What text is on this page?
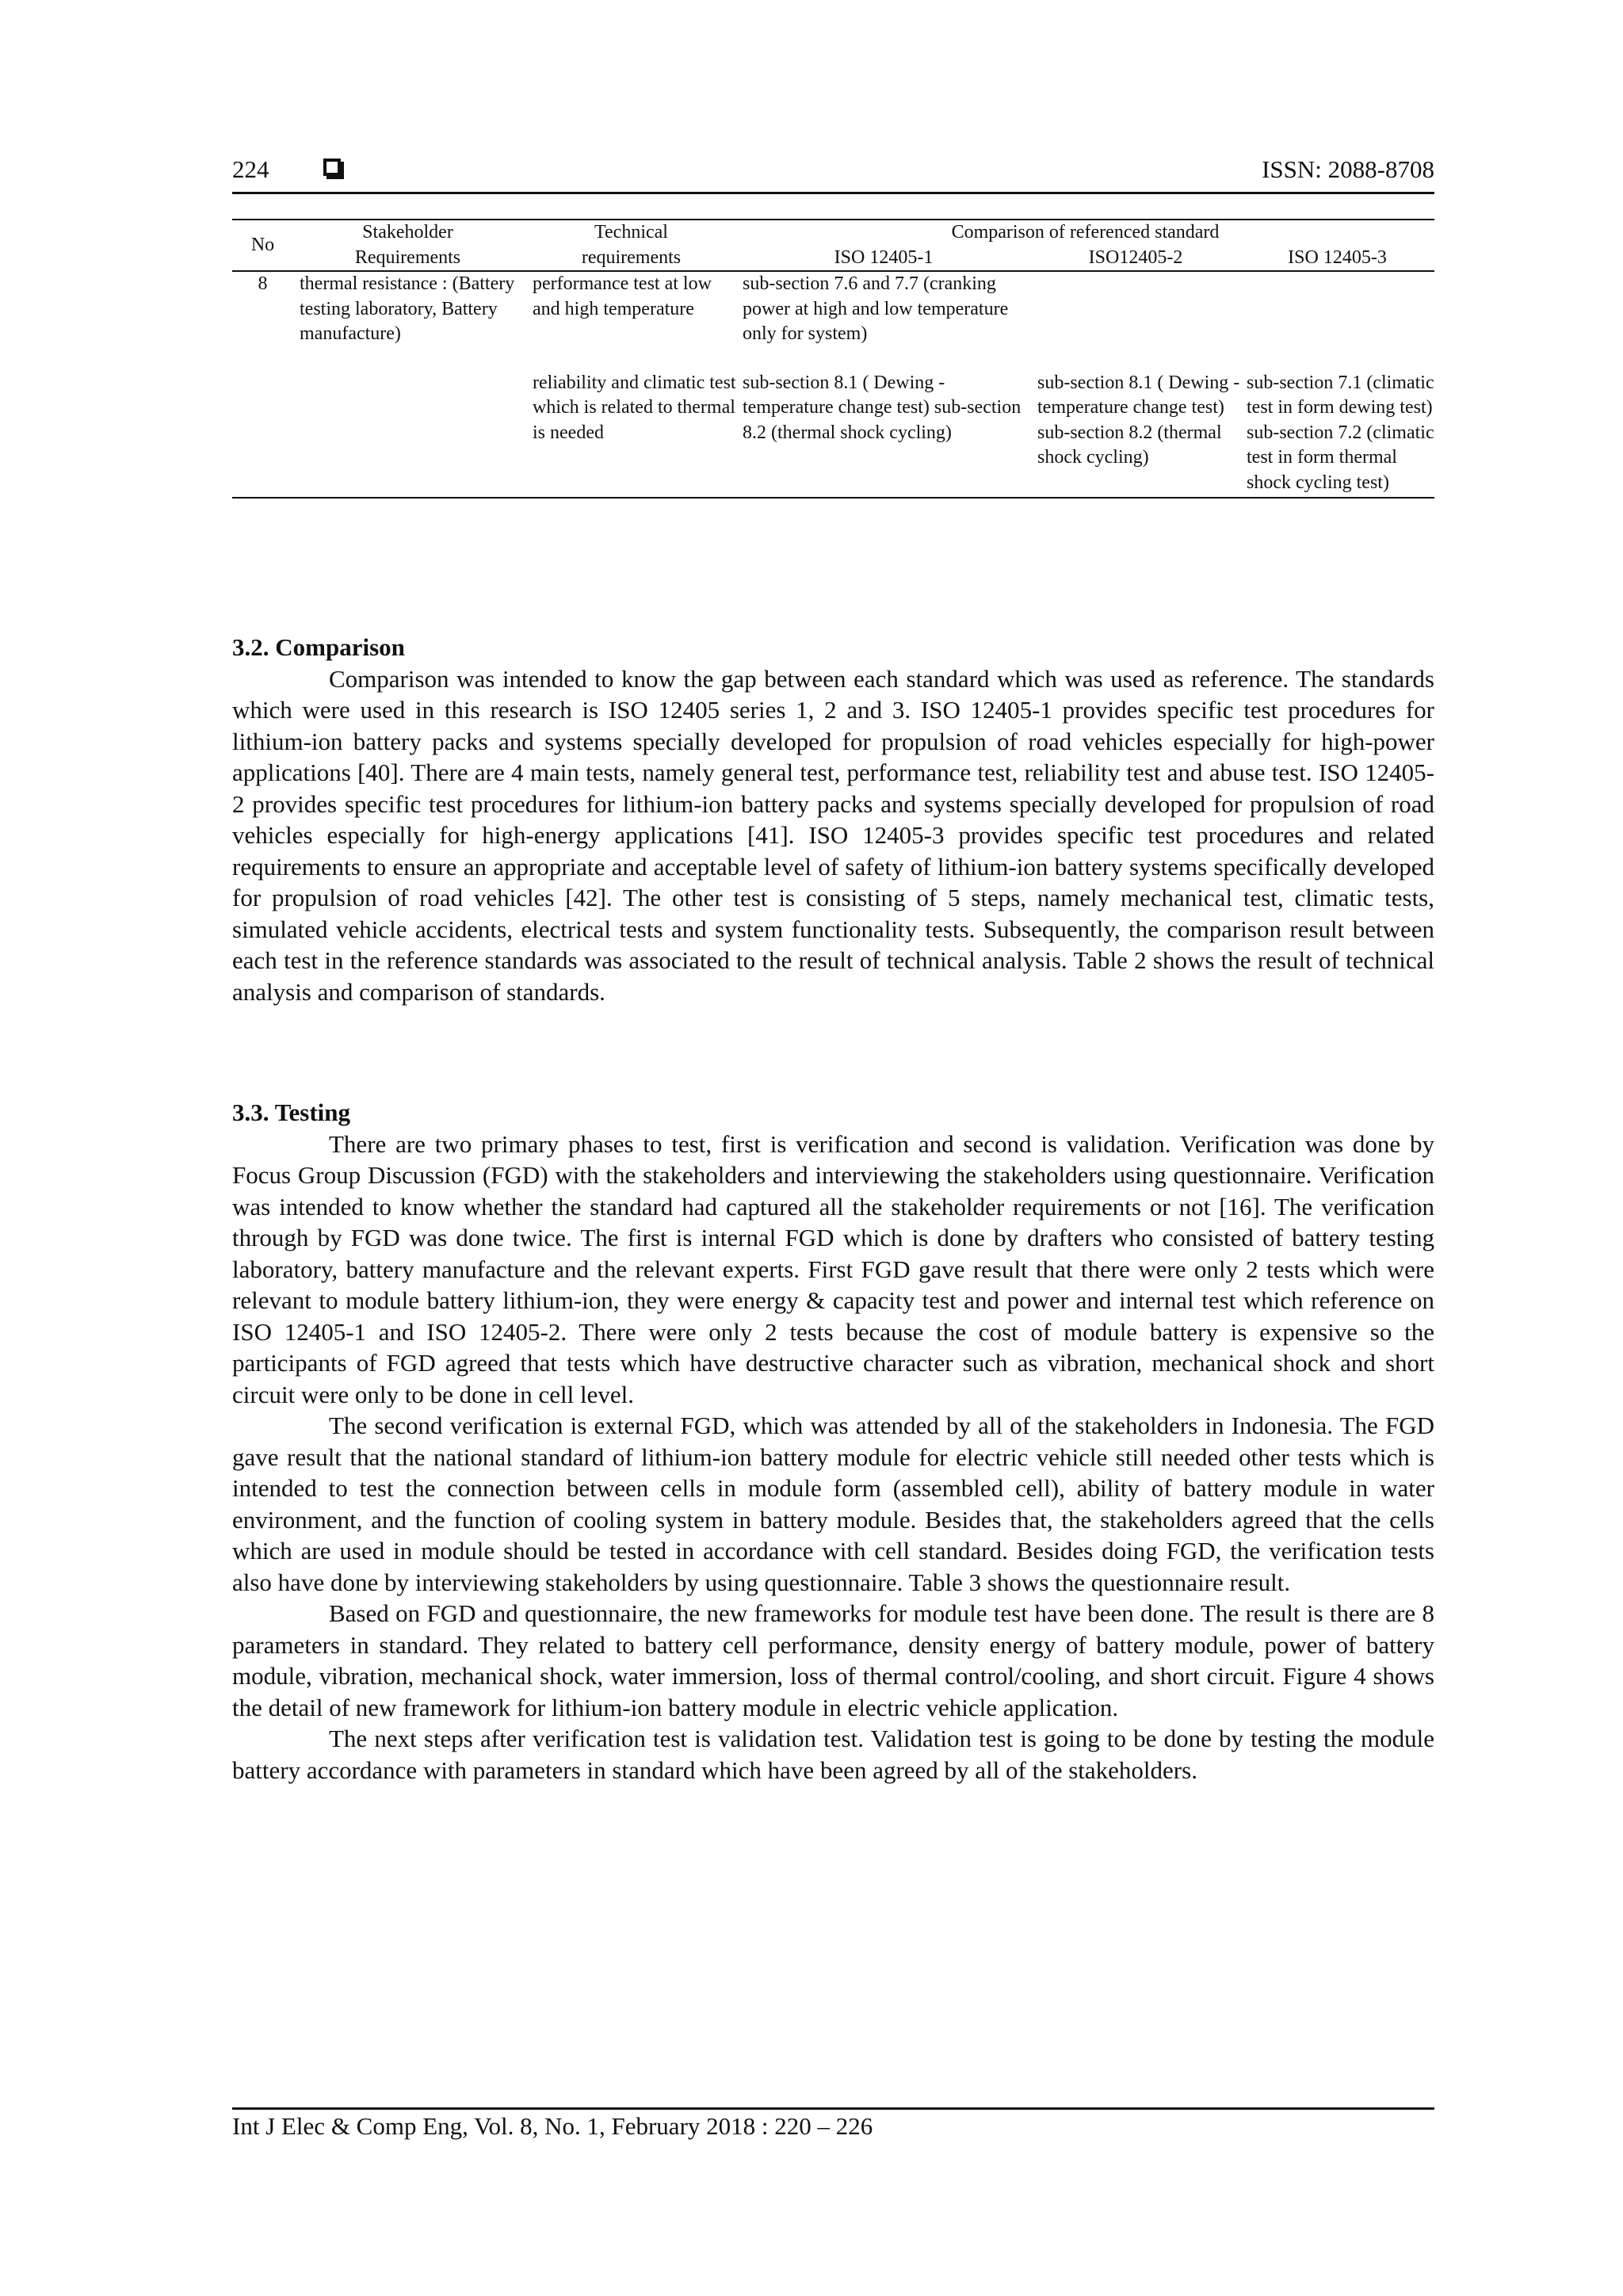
224	ISSN: 2088-8708
No	Stakeholder Requirements	Technical requirements	Comparison of referenced standard		
			ISO 12405-1	ISO12405-2	ISO 12405-3
8	thermal resistance : (Battery testing laboratory, Battery manufacture)	performance test at low and high temperature	sub-section 7.6 and 7.7 (cranking power at high and low temperature only for system)		

		reliability and climatic test which is related to thermal is needed	sub-section 8.1 ( Dewing - temperature change test) sub-section 8.2 (thermal shock cycling)	sub-section 8.1 ( Dewing - temperature change test) sub-section 8.2 (thermal shock cycling)	sub-section 7.1 (climatic test in form dewing test) sub-section 7.2 (climatic test in form thermal shock cycling test)
3.2. Comparison

Comparison was intended to know the gap between each standard which was used as reference. The standards which were used in this research is ISO 12405 series 1, 2 and 3. ISO 12405-1 provides specific test procedures for lithium-ion battery packs and systems specially developed for propulsion of road vehicles especially for high-power applications [40]. There are 4 main tests, namely general test, performance test, reliability test and abuse test. ISO 12405-2 provides specific test procedures for lithium-ion battery packs and systems specially developed for propulsion of road vehicles especially for high-energy applications [41]. ISO 12405-3 provides specific test procedures and related requirements to ensure an appropriate and acceptable level of safety of lithium-ion battery systems specifically developed for propulsion of road vehicles [42]. The other test is consisting of 5 steps, namely mechanical test, climatic tests, simulated vehicle accidents, electrical tests and system functionality tests. Subsequently, the comparison result between each test in the reference standards was associated to the result of technical analysis. Table 2 shows the result of technical analysis and comparison of standards.

3.3. Testing

There are two primary phases to test, first is verification and second is validation. Verification was done by Focus Group Discussion (FGD) with the stakeholders and interviewing the stakeholders using questionnaire. Verification was intended to know whether the standard had captured all the stakeholder requirements or not [16]. The verification through by FGD was done twice. The first is internal FGD which is done by drafters who consisted of battery testing laboratory, battery manufacture and the relevant experts. First FGD gave result that there were only 2 tests which were relevant to module battery lithium-ion, they were energy & capacity test and power and internal test which reference on ISO 12405-1 and ISO 12405-2. There were only 2 tests because the cost of module battery is expensive so the participants of FGD agreed that tests which have destructive character such as vibration, mechanical shock and short circuit were only to be done in cell level.

The second verification is external FGD, which was attended by all of the stakeholders in Indonesia. The FGD gave result that the national standard of lithium-ion battery module for electric vehicle still needed other tests which is intended to test the connection between cells in module form (assembled cell), ability of battery module in water environment, and the function of cooling system in battery module. Besides that, the stakeholders agreed that the cells which are used in module should be tested in accordance with cell standard. Besides doing FGD, the verification tests also have done by interviewing stakeholders by using questionnaire. Table 3 shows the questionnaire result.

Based on FGD and questionnaire, the new frameworks for module test have been done. The result is there are 8 parameters in standard. They related to battery cell performance, density energy of battery module, power of battery module, vibration, mechanical shock, water immersion, loss of thermal control/cooling, and short circuit. Figure 4 shows the detail of new framework for lithium-ion battery module in electric vehicle application.

The next steps after verification test is validation test. Validation test is going to be done by testing the module battery accordance with parameters in standard which have been agreed by all of the stakeholders.

Int J Elec & Comp Eng, Vol. 8, No. 1, February 2018 : 220 – 226
